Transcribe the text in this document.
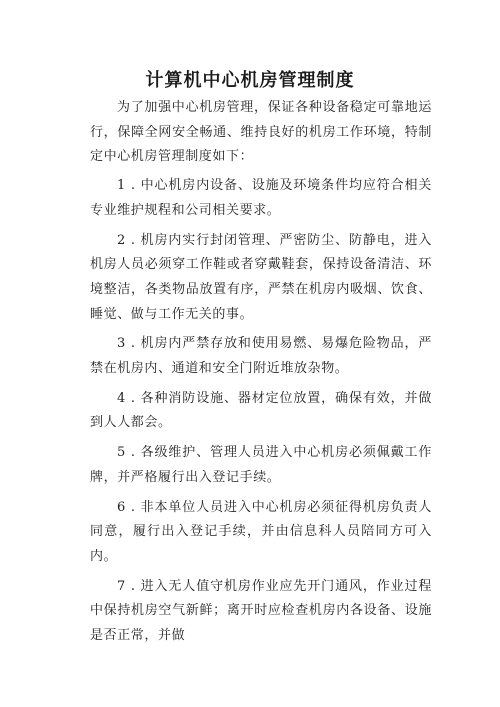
计算机中心机房管理制度

为了加强中心机房管理，保证各种设备稳定可靠地运行，保障全网安全畅通、维持良好的机房工作环境，特制定中心机房管理制度如下：

1 . 中心机房内设备、设施及环境条件均应符合相关专业维护规程和公司相关要求。

2 . 机房内实行封闭管理、严密防尘、防静电，进入机房人员必须穿工作鞋或者穿戴鞋套，保持设备清洁、环境整洁，各类物品放置有序，严禁在机房内吸烟、饮食、睡觉、做与工作无关的事。

3 . 机房内严禁存放和使用易燃、易爆危险物品，严禁在机房内、通道和安全门附近堆放杂物。

4 . 各种消防设施、器材定位放置，确保有效，并做到人人都会。

5 . 各级维护、管理人员进入中心机房必须佩戴工作牌，并严格履行出入登记手续。

6 . 非本单位人员进入中心机房必须征得机房负责人同意，履行出入登记手续，并由信息科人员陪同方可入内。

7 . 进入无人值守机房作业应先开门通风，作业过程中保持机房空气新鲜；离开时应检查机房内各设备、设施是否正常，并做
